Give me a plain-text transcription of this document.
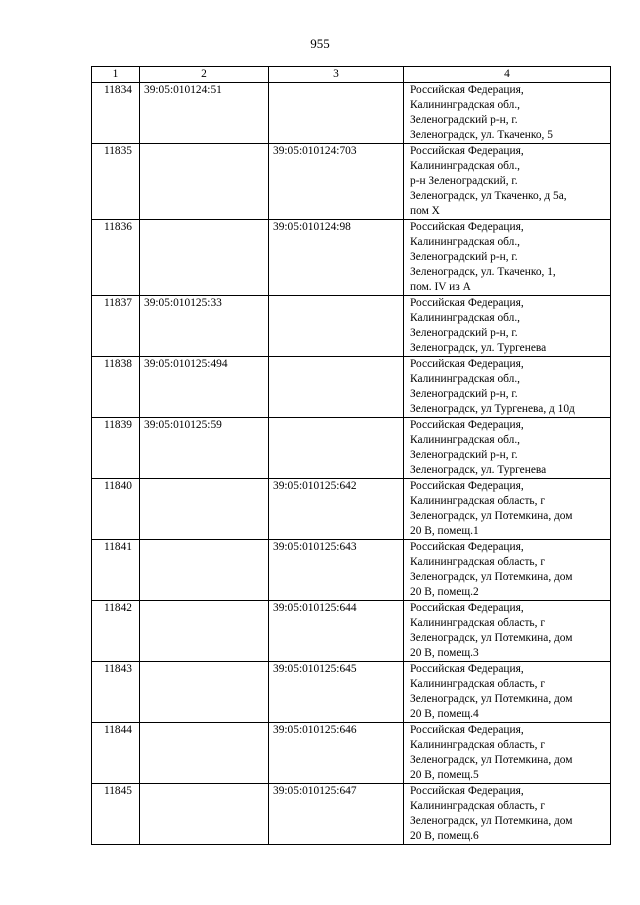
955
1	2	3	4
11834	39:05:010124:51		Российская Федерация,
Калининградская обл.,
Зеленоградский р-н, г.
Зеленоградск, ул. Ткаченко, 5

11835		39:05:010124:703	Российская Федерация,
Калининградская обл.,
р-н Зеленоградский, г.
Зеленоградск, ул Ткаченко, д 5а,
пом X

11836		39:05:010124:98	Российская Федерация,
Калининградская обл.,
Зеленоградский р-н, г.
Зеленоградск, ул. Ткаченко, 1,
пом. IV из А

11837	39:05:010125:33		Российская Федерация,
Калининградская обл.,
Зеленоградский р-н, г.
Зеленоградск, ул. Тургенева

11838	39:05:010125:494		Российская Федерация,
Калининградская обл.,
Зеленоградский р-н, г.
Зеленоградск, ул Тургенева, д 10д

11839	39:05:010125:59		Российская Федерация,
Калининградская обл.,
Зеленоградский р-н, г.
Зеленоградск, ул. Тургенева

11840		39:05:010125:642	Российская Федерация,
Калининградская область, г
Зеленоградск, ул Потемкина, дом
20 В, помещ.1

11841		39:05:010125:643	Российская Федерация,
Калининградская область, г
Зеленоградск, ул Потемкина, дом
20 В, помещ.2

11842		39:05:010125:644	Российская Федерация,
Калининградская область, г
Зеленоградск, ул Потемкина, дом
20 В, помещ.3

11843		39:05:010125:645	Российская Федерация,
Калининградская область, г
Зеленоградск, ул Потемкина, дом
20 В, помещ.4

11844		39:05:010125:646	Российская Федерация,
Калининградская область, г
Зеленоградск, ул Потемкина, дом
20 В, помещ.5

11845		39:05:010125:647	Российская Федерация,
Калининградская область, г
Зеленоградск, ул Потемкина, дом
20 В, помещ.6
